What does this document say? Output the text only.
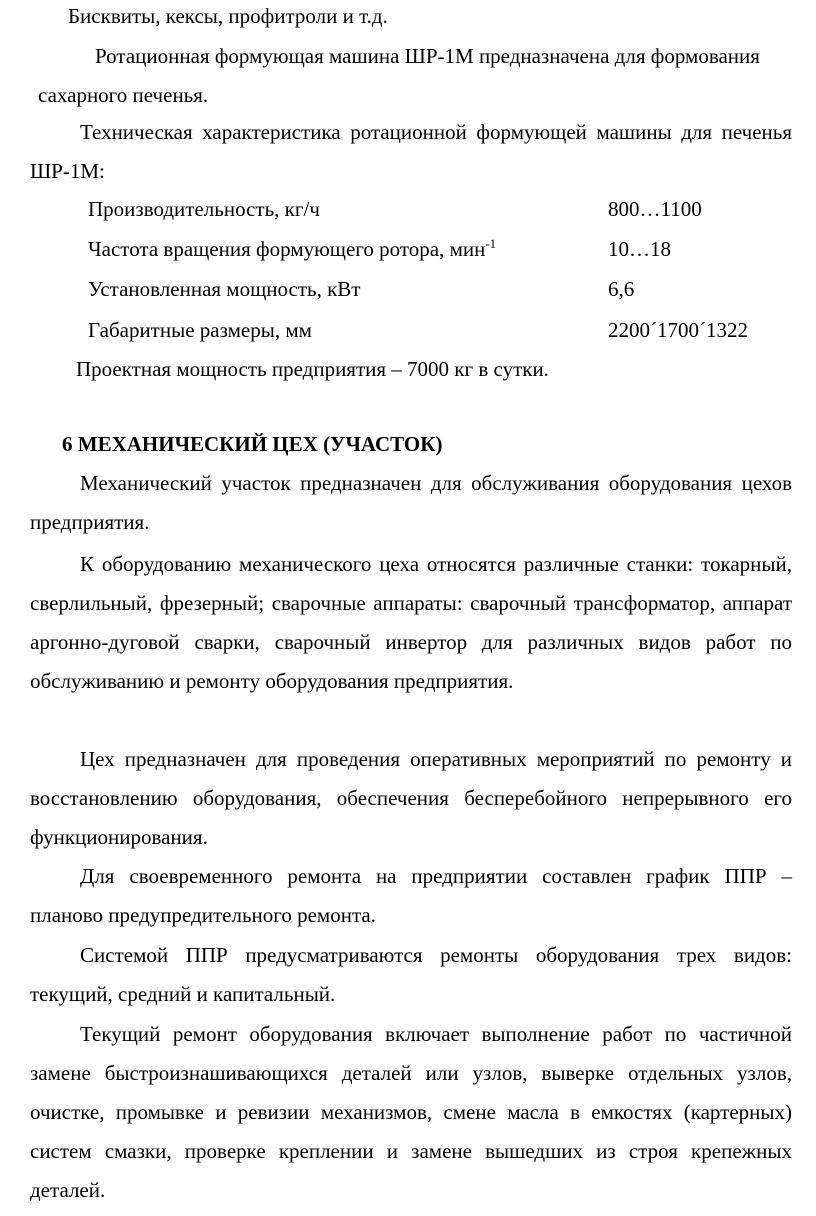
Бисквиты, кексы, профитроли и т.д.
Ротационная формующая машина ШР-1М предназначена для формования
сахарного печенья.

Техническая характеристика ротационной формующей машины для печенья ШР-1М:

Производительность, кг/ч	800…1100
Частота вращения формующего ротора, мин$^{-1}$	10…18
Установленная мощность, кВт	6,6
Габаритные размеры, мм	2200´1700´1322
Проектная мощность предприятия – 7000 кг в сутки.
6 МЕХАНИЧЕСКИЙ ЦЕХ (УЧАСТОК)

Механический участок предназначен для обслуживания оборудования цехов предприятия.

К оборудованию механического цеха относятся различные станки: токарный, сверлильный, фрезерный; сварочные аппараты: сварочный трансформатор, аппарат аргонно-дуговой сварки, сварочный инвертор для различных видов работ по обслуживанию и ремонту оборудования предприятия.

Цех предназначен для проведения оперативных мероприятий по ремонту и восстановлению оборудования, обеспечения бесперебойного непрерывного его функционирования.

Для своевременного ремонта на предприятии составлен график ППР – планово предупредительного ремонта.

Системой ППР предусматриваются ремонты оборудования трех видов: текущий, средний и капитальный.

Текущий ремонт оборудования включает выполнение работ по частичной замене быстроизнашивающихся деталей или узлов, выверке отдельных узлов, очистке, промывке и ревизии механизмов, смене масла в емкостях (картерных) систем смазки, проверке креплении и замене вышедших из строя крепежных деталей.
